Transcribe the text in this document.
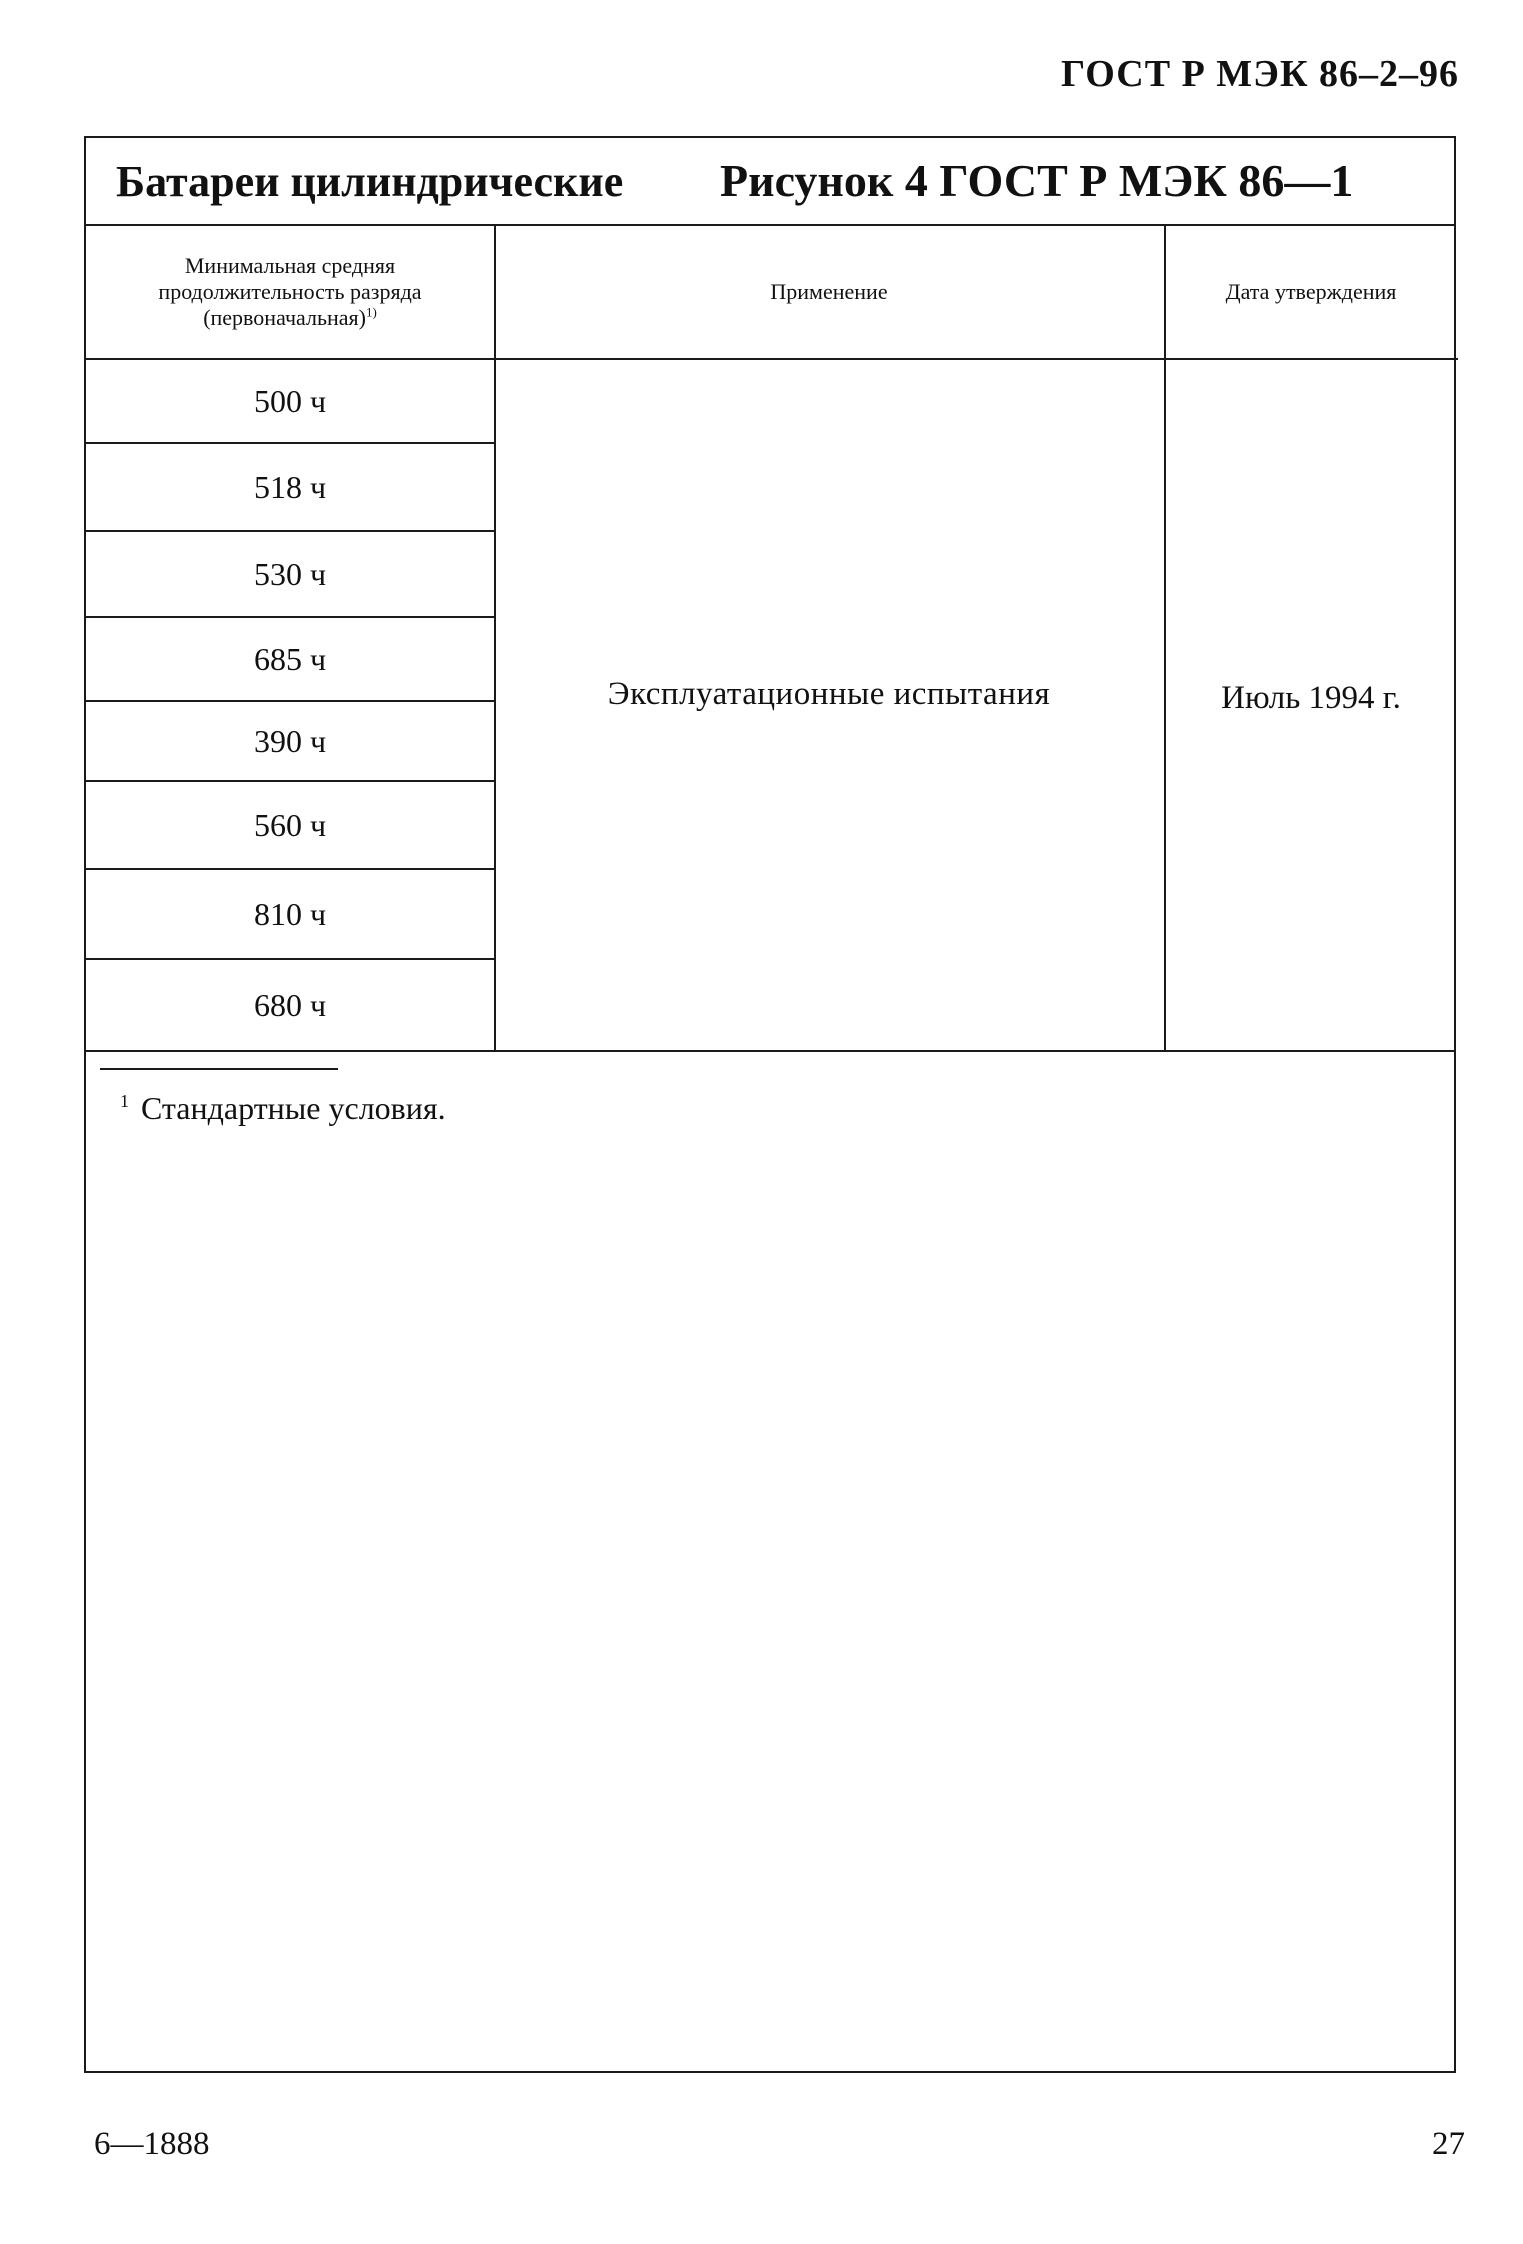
ГОСТ Р МЭК 86–2–96
Батареи цилиндрические Рисунок 4 ГОСТ Р МЭК 86—1
Минимальная средняя
продолжительность разряда
(первоначальная)$^{1)}$
Применение	Дата утверждения
500 ч
518 ч
530 ч
685 ч
390 ч
560 ч
810 ч
680 ч
Эксплуатационные испытания	Июль 1994 г.
$^1$ Стандартные условия.
6—1888	27
